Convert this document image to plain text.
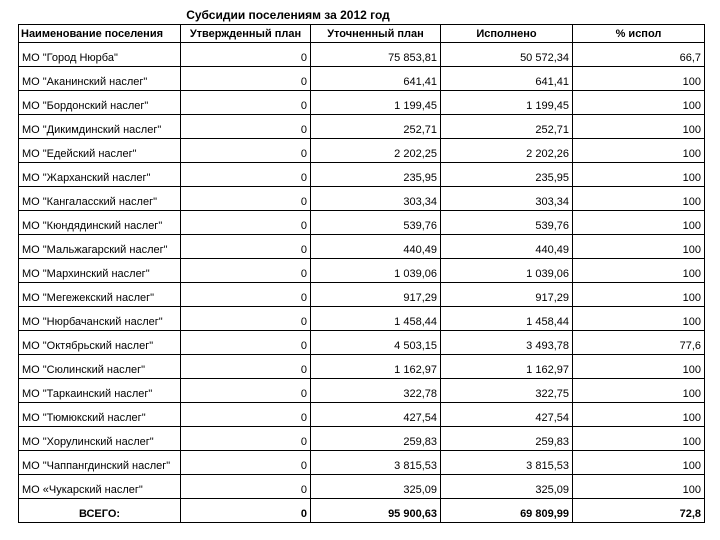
Субсидии поселениям за 2012 год
Наименование поселения	Утвержденный план	Уточненный план	Исполнено	% испол
МО "Город Нюрба"	0	75 853,81	50 572,34	66,7
МО "Аканинский наслег"	0	641,41	641,41	100
МО "Бордонский наслег"	0	1 199,45	1 199,45	100
МО "Дикимдинский наслег"	0	252,71	252,71	100
МО "Едейский наслег"	0	2 202,25	2 202,26	100
МО "Жарханский наслег"	0	235,95	235,95	100
МО "Кангаласский наслег"	0	303,34	303,34	100
МО "Кюндядинский наслег"	0	539,76	539,76	100
МО "Мальжагарский наслег"	0	440,49	440,49	100
МО "Мархинский наслег"	0	1 039,06	1 039,06	100
МО "Мегежекский наслег"	0	917,29	917,29	100
МО "Нюрбачанский наслег"	0	1 458,44	1 458,44	100
МО "Октябрьский наслег"	0	4 503,15	3 493,78	77,6
МО "Сюлинский наслег"	0	1 162,97	1 162,97	100
МО "Таркаинский наслег"	0	322,78	322,75	100
МО "Тюмюкский наслег"	0	427,54	427,54	100
МО "Хорулинский наслег"	0	259,83	259,83	100
МО "Чаппангдинский наслег"	0	3 815,53	3 815,53	100
МО «Чукарский наслег"	0	325,09	325,09	100
ВСЕГО:	0	95 900,63	69 809,99	72,8
